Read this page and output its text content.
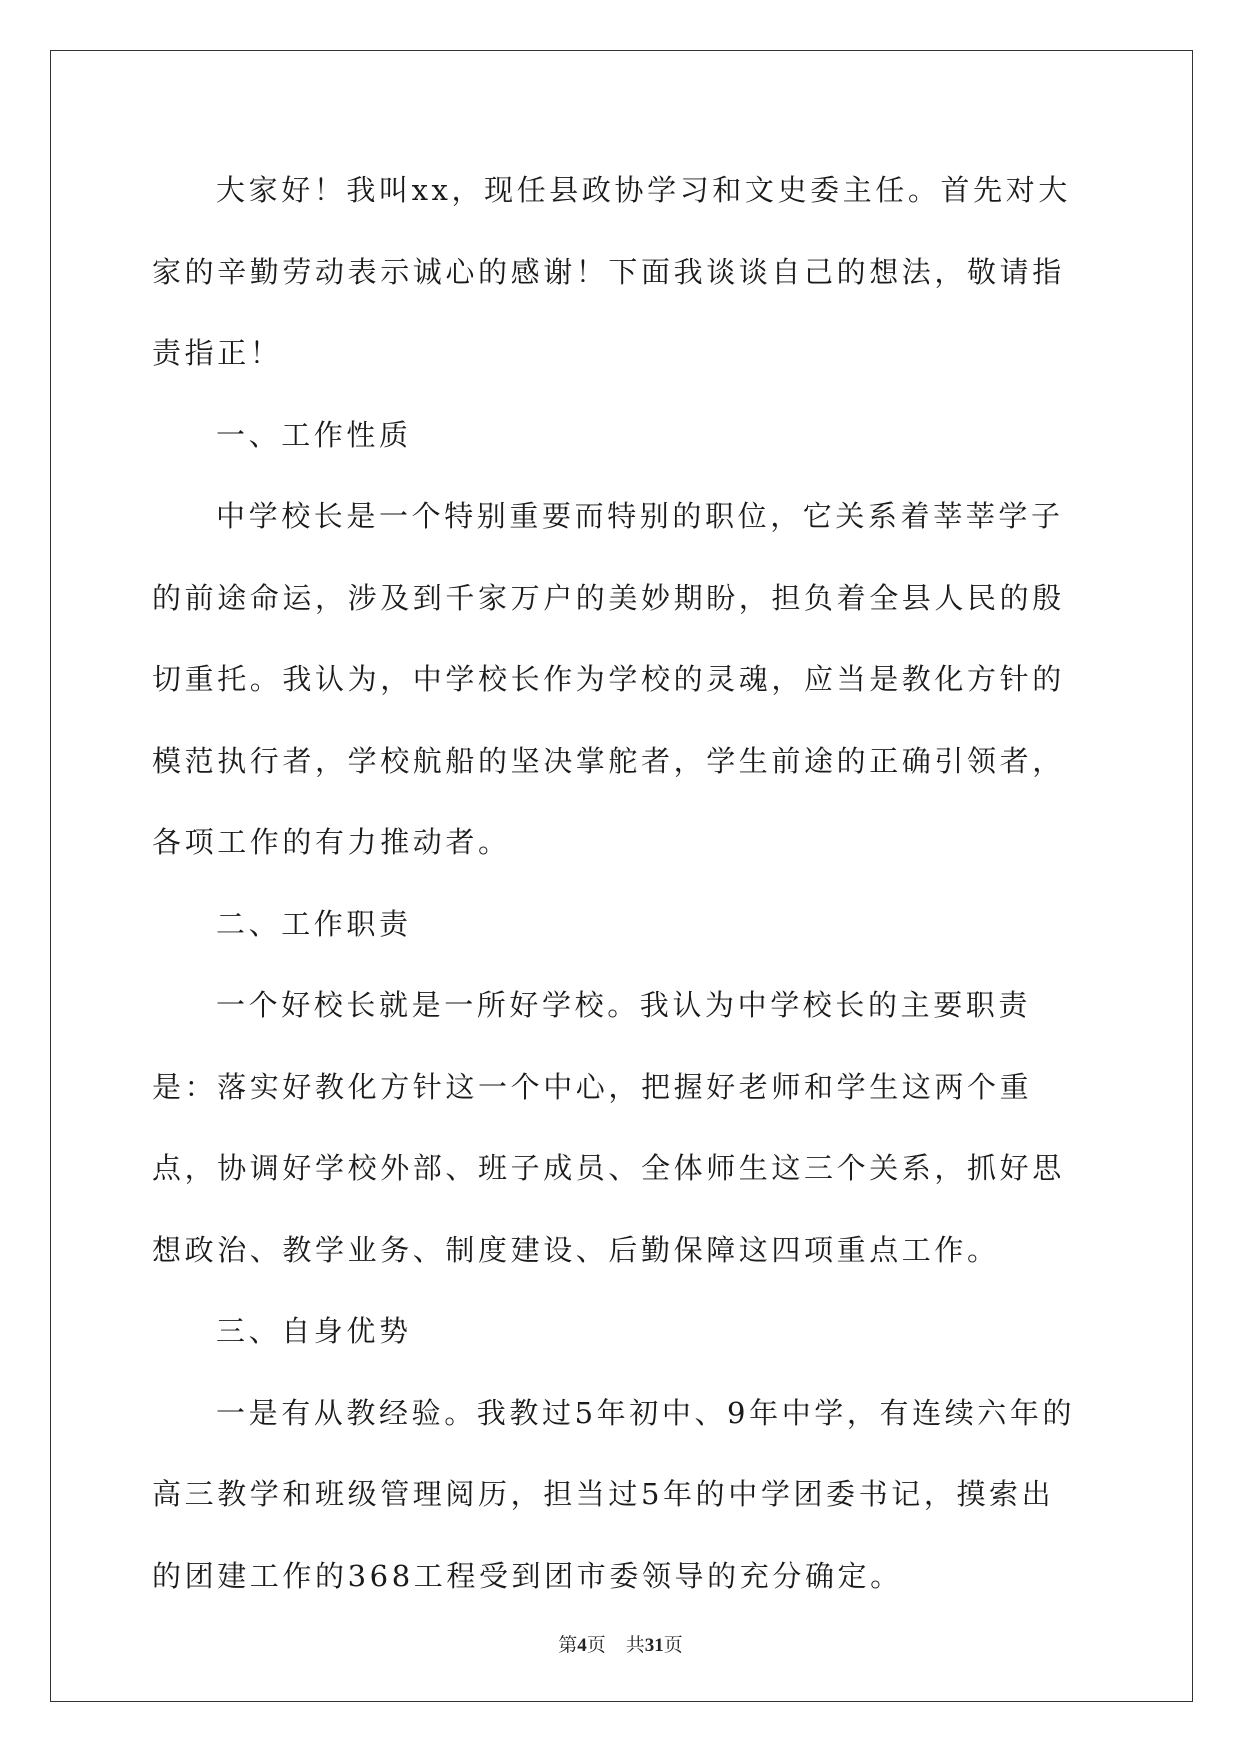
大家好！我叫xx，现任县政协学习和文史委主任。首先对大家的辛勤劳动表示诚心的感谢！下面我谈谈自己的想法，敬请指责指正！

一、工作性质

中学校长是一个特别重要而特别的职位，它关系着莘莘学子的前途命运，涉及到千家万户的美妙期盼，担负着全县人民的殷切重托。我认为，中学校长作为学校的灵魂，应当是教化方针的模范执行者，学校航船的坚决掌舵者，学生前途的正确引领者，各项工作的有力推动者。

二、工作职责

一个好校长就是一所好学校。我认为中学校长的主要职责是：落实好教化方针这一个中心，把握好老师和学生这两个重点，协调好学校外部、班子成员、全体师生这三个关系，抓好思想政治、教学业务、制度建设、后勤保障这四项重点工作。

三、自身优势

一是有从教经验。我教过5年初中、9年中学，有连续六年的高三教学和班级管理阅历，担当过5年的中学团委书记，摸索出的团建工作的368工程受到团市委领导的充分确定。

第4页 共31页
